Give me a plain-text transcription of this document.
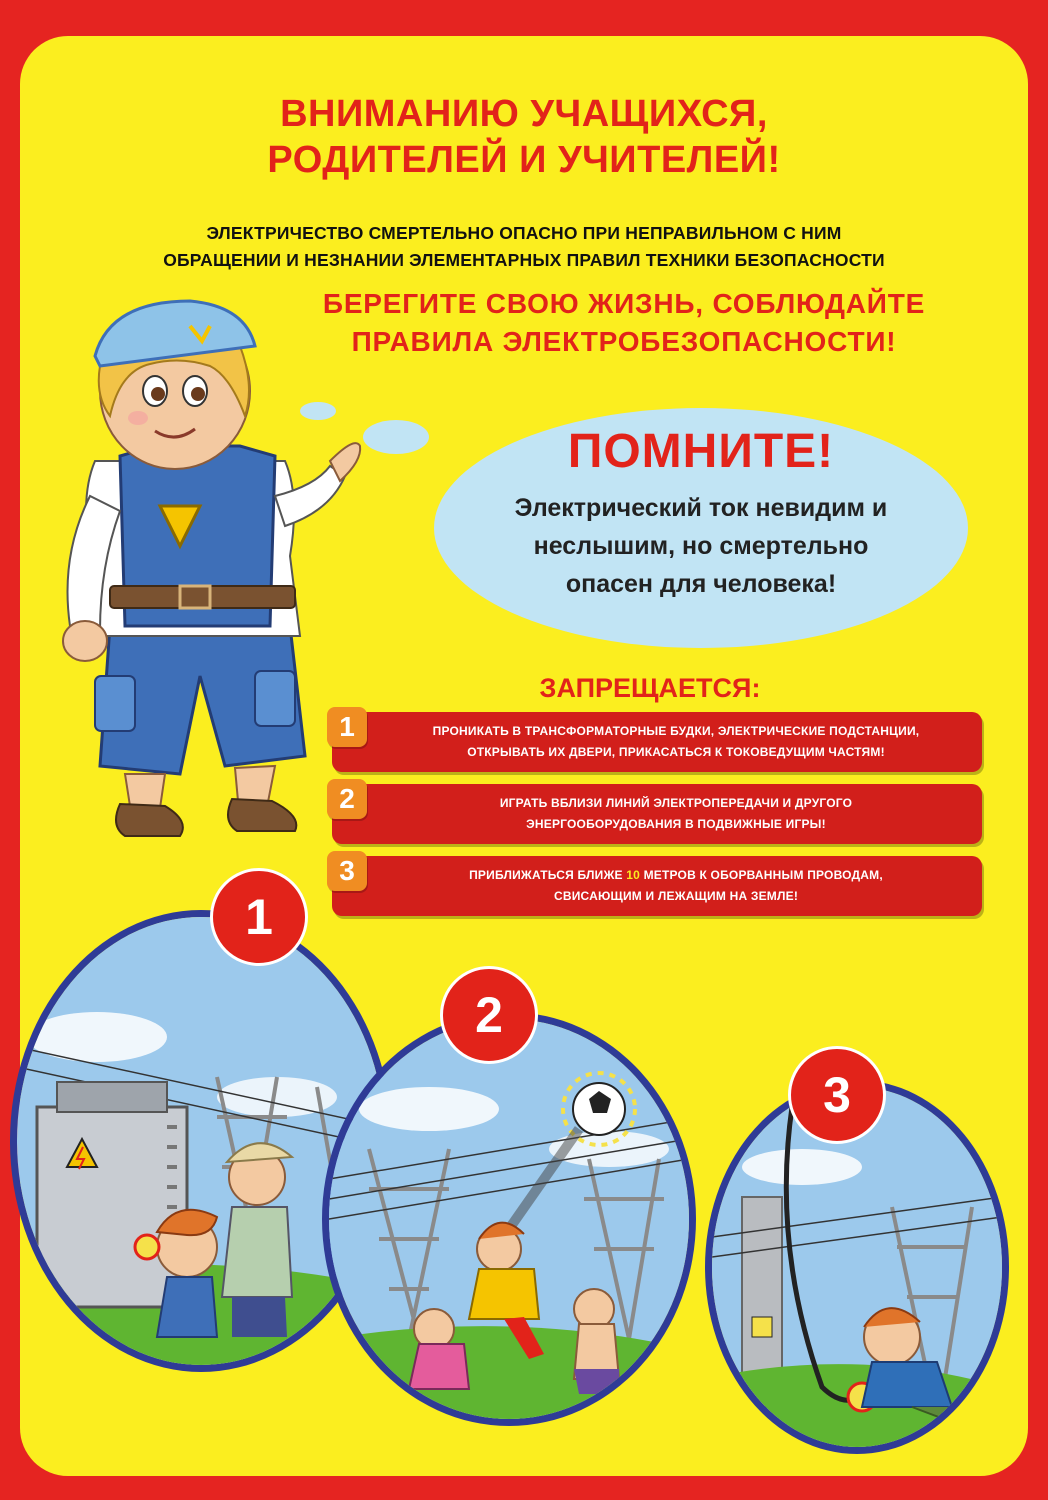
ВНИМАНИЮ УЧАЩИХСЯ,
РОДИТЕЛЕЙ И УЧИТЕЛЕЙ!
ЭЛЕКТРИЧЕСТВО СМЕРТЕЛЬНО ОПАСНО ПРИ НЕПРАВИЛЬНОМ С НИМ
ОБРАЩЕНИИ И НЕЗНАНИИ ЭЛЕМЕНТАРНЫХ ПРАВИЛ ТЕХНИКИ БЕЗОПАСНОСТИ
БЕРЕГИТЕ СВОЮ ЖИЗНЬ, СОБЛЮДАЙТЕ
ПРАВИЛА ЭЛЕКТРОБЕЗОПАСНОСТИ!
ПОМНИТЕ!
Электрический ток невидим и
неслышим, но смертельно
опасен для человека!
ЗАПРЕЩАЕТСЯ:
1	ПРОНИКАТЬ В ТРАНСФОРМАТОРНЫЕ БУДКИ, ЭЛЕКТРИЧЕСКИЕ ПОДСТАНЦИИ,
ОТКРЫВАТЬ ИХ ДВЕРИ, ПРИКАСАТЬСЯ К ТОКОВЕДУЩИМ ЧАСТЯМ!
2	ИГРАТЬ ВБЛИЗИ ЛИНИЙ ЭЛЕКТРОПЕРЕДАЧИ И ДРУГОГО
ЭНЕРГООБОРУДОВАНИЯ В ПОДВИЖНЫЕ ИГРЫ!
3	ПРИБЛИЖАТЬСЯ БЛИЖЕ 10 МЕТРОВ К ОБОРВАННЫМ ПРОВОДАМ,
СВИСАЮЩИМ И ЛЕЖАЩИМ НА ЗЕМЛЕ!
1
2
3
